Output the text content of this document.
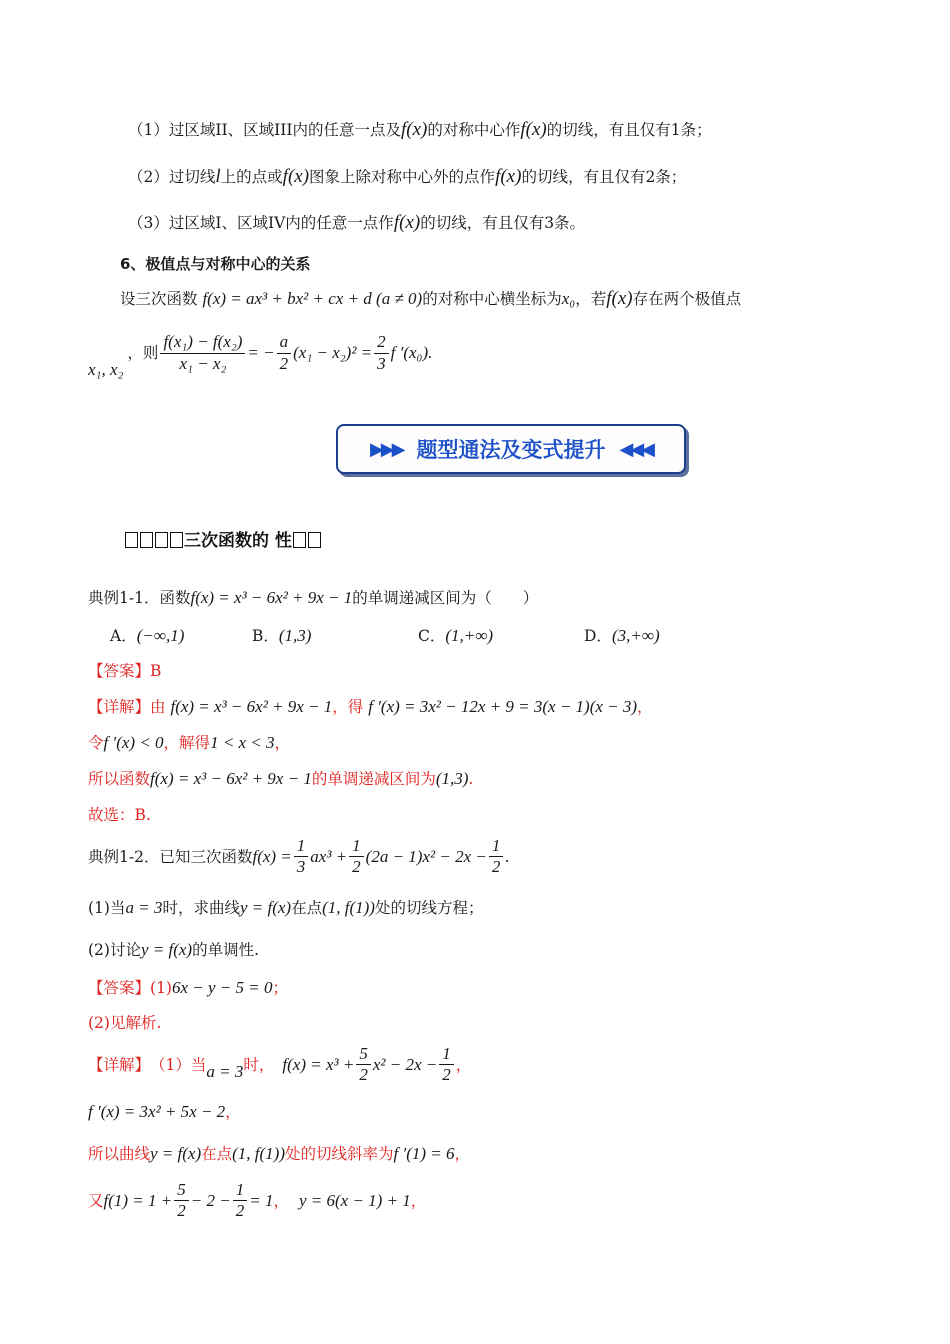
（1）过区域II、区域III内的任意一点及f(x)的对称中心作f(x)的切线，有且仅有1条；
（2）过切线l上的点或f(x)图象上除对称中心外的点作f(x)的切线，有且仅有2条；
（3）过区域I、区域IV内的任意一点作f(x)的切线，有且仅有3条。
6、极值点与对称中心的关系
设三次函数 f(x) = ax³ + bx² + cx + d (a ≠ 0)的对称中心横坐标为x₀，若f(x)存在两个极值点
x₁, x₂
，则 $\frac{\text{f(x₁) − f(x₂)}}{\text{x₁ − x₂}}$ = − $\frac{a}{2} (x_1 - x_2)^2 = \frac{2}{3}$ f ′(x₀).
▶▶▶ 题型通法及变式提升 ◀◀◀
三次函数的 性
典例1-1．函数f(x) = x³ − 6x² + 9x − 1的单调递减区间为（　　）
A．(−∞,1)	B．(1,3)	C．(1,+∞)	D．(3,+∞)
【答案】B
【详解】由 f(x) = x³ − 6x² + 9x − 1，得 f ′(x) = 3x² − 12x + 9 = 3(x − 1)(x − 3)，
令f ′(x) < 0，解得1 < x < 3，
所以函数f(x) = x³ − 6x² + 9x − 1的单调递减区间为(1,3).
故选：B.
典例1-2．已知三次函数 $f(x) = \frac{1}{3} ax^3 + \frac{1}{2} (2a - 1)x^2 - 2x - \frac{1}{2}$ .
(1)当a = 3时，求曲线y = f(x)在点(1, f(1))处的切线方程；
(2)讨论y = f(x)的单调性.
【答案】(1)6x − y − 5 = 0；
(2)见解析.
【详解】 （1）当 a = 3 时， $f(x) = x^3 + \frac{5}{2} x^2 - 2x - \frac{1}{2}$ ，
f ′(x) = 3x² + 5x − 2，
所以曲线y = f(x)在点(1, f(1))处的切线斜率为f ′(1) = 6，
又 $f(1) = 1 + \frac{5}{2} - 2 - \frac{1}{2} = 1$ ， y = 6(x − 1) + 1 ，
